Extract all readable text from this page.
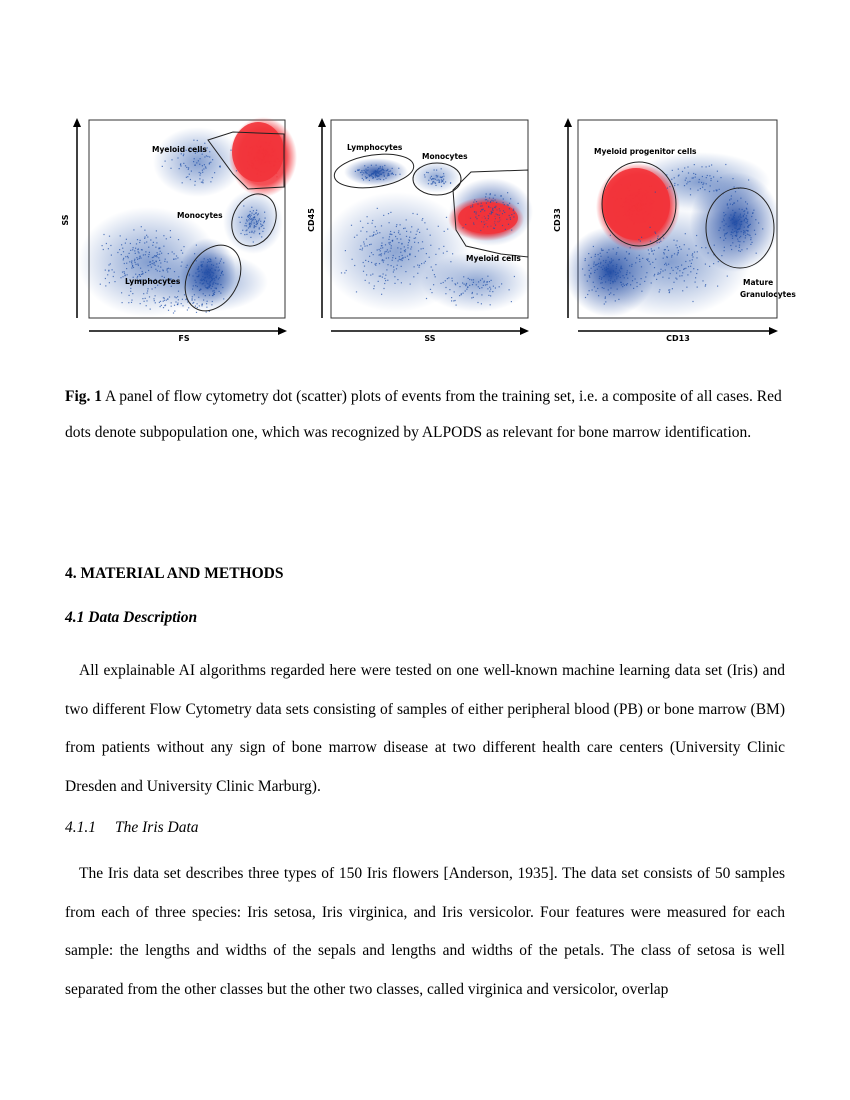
Myeloid cells
Monocytes
Lymphocytes
SS
FS
Lymphocytes
Monocytes
Myeloid cells
CD45
SS
Myeloid progenitor cells
Mature
Granulocytes
CD33
CD13
Fig. 1 A panel of flow cytometry dot (scatter) plots of events from the training set, i.e. a composite of all cases. Red dots denote subpopulation one, which was recognized by ALPODS as relevant for bone marrow identification.
4. MATERIAL AND METHODS
4.1 Data Description

All explainable AI algorithms regarded here were tested on one well-known machine learning data set (Iris) and two different Flow Cytometry data sets consisting of samples of either peripheral blood (PB) or bone marrow (BM) from patients without any sign of bone marrow disease at two different health care centers (University Clinic Dresden and University Clinic Marburg).

4.1.1 The Iris Data

The Iris data set describes three types of 150 Iris flowers [Anderson, 1935]. The data set consists of 50 samples from each of three species: Iris setosa, Iris virginica, and Iris versicolor. Four features were measured for each sample: the lengths and widths of the sepals and lengths and widths of the petals. The class of setosa is well separated from the other classes but the other two classes, called virginica and versicolor, overlap
